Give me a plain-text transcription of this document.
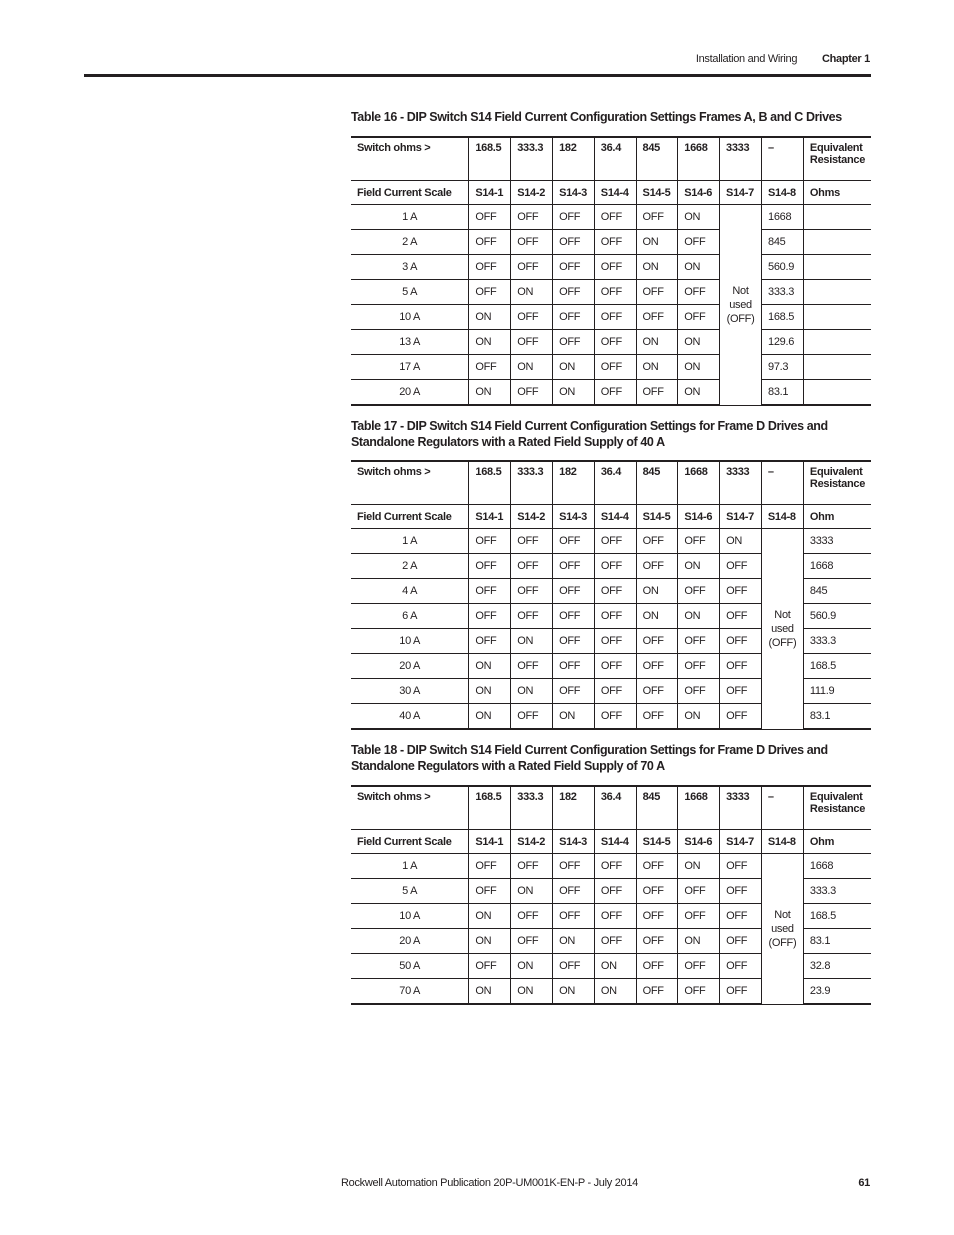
Installation and Wiring Chapter 1
Table 16 - DIP Switch S14 Field Current Configuration Settings Frames A, B and C Drives
Switch ohms >	168.5	333.3	182	36.4	845	1668	3333	–	Equivalent Resistance
Field Current Scale	S14-1	S14-2	S14-3	S14-4	S14-5	S14-6	S14-7	S14-8	Ohms
1 A	OFF	OFF	OFF	OFF	OFF	ON	Not used (OFF)	1668	
2 A	OFF	OFF	OFF	OFF	ON	OFF		845	
3 A	OFF	OFF	OFF	OFF	ON	ON		560.9	
5 A	OFF	ON	OFF	OFF	OFF	OFF		333.3	
10 A	ON	OFF	OFF	OFF	OFF	OFF		168.5	
13 A	ON	OFF	OFF	OFF	ON	ON		129.6	
17 A	OFF	ON	ON	OFF	ON	ON		97.3	
20 A	ON	OFF	ON	OFF	OFF	ON		83.1	
Table 17 - DIP Switch S14 Field Current Configuration Settings for Frame D Drives and Standalone Regulators with a Rated Field Supply of 40 A
Switch ohms >	168.5	333.3	182	36.4	845	1668	3333	–	Equivalent Resistance
Field Current Scale	S14-1	S14-2	S14-3	S14-4	S14-5	S14-6	S14-7	S14-8	Ohm
1 A	OFF	OFF	OFF	OFF	OFF	OFF	ON	Not used (OFF)	3333
2 A	OFF	OFF	OFF	OFF	OFF	ON	OFF		1668
4 A	OFF	OFF	OFF	OFF	ON	OFF	OFF		845
6 A	OFF	OFF	OFF	OFF	ON	ON	OFF		560.9
10 A	OFF	ON	OFF	OFF	OFF	OFF	OFF		333.3
20 A	ON	OFF	OFF	OFF	OFF	OFF	OFF		168.5
30 A	ON	ON	OFF	OFF	OFF	OFF	OFF		111.9
40 A	ON	OFF	ON	OFF	OFF	ON	OFF		83.1
Table 18 - DIP Switch S14 Field Current Configuration Settings for Frame D Drives and Standalone Regulators with a Rated Field Supply of 70 A
Switch ohms >	168.5	333.3	182	36.4	845	1668	3333	–	Equivalent Resistance
Field Current Scale	S14-1	S14-2	S14-3	S14-4	S14-5	S14-6	S14-7	S14-8	Ohm
1 A	OFF	OFF	OFF	OFF	OFF	ON	OFF	Not used (OFF)	1668
5 A	OFF	ON	OFF	OFF	OFF	OFF	OFF		333.3
10 A	ON	OFF	OFF	OFF	OFF	OFF	OFF		168.5
20 A	ON	OFF	ON	OFF	OFF	ON	OFF		83.1
50 A	OFF	ON	OFF	ON	OFF	OFF	OFF		32.8
70 A	ON	ON	ON	ON	OFF	OFF	OFF		23.9
Rockwell Automation Publication 20P-UM001K-EN-P - July 2014	61
